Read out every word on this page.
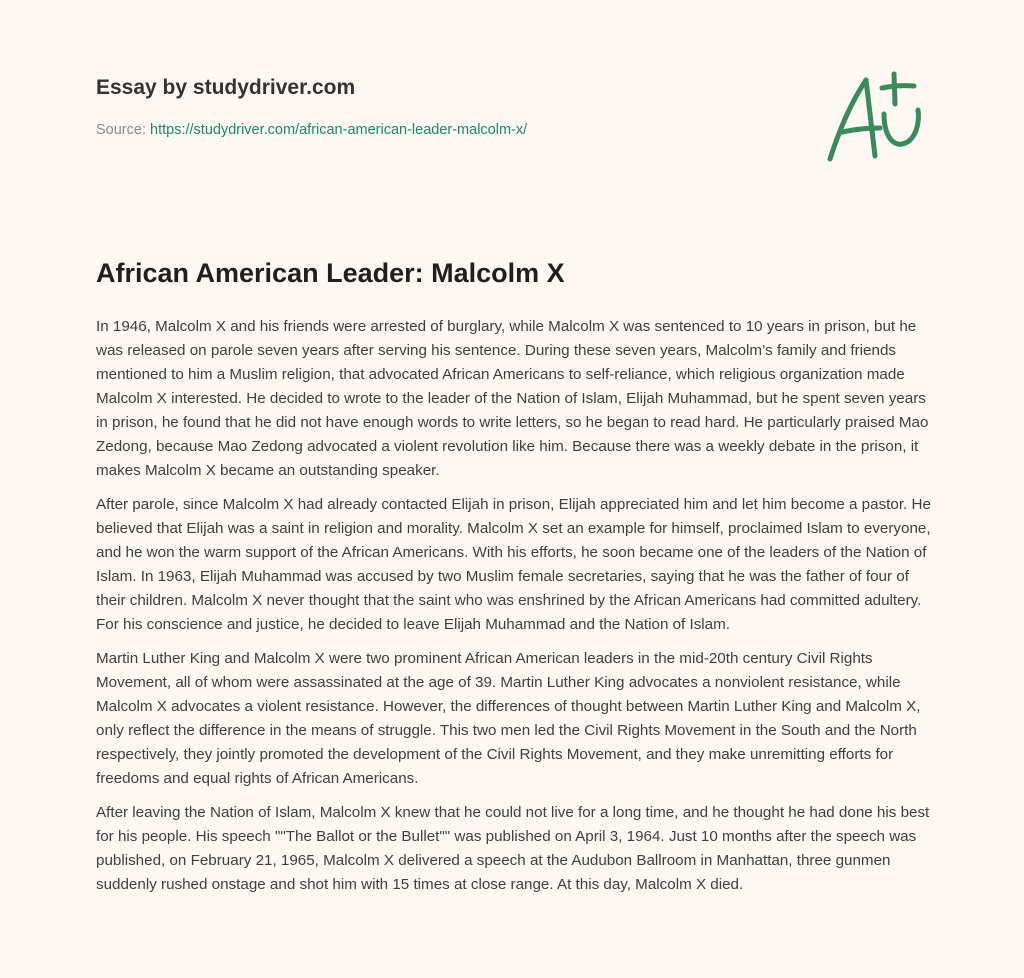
Essay by studydriver.com
Source: https://studydriver.com/african-american-leader-malcolm-x/
African American Leader: Malcolm X

In 1946, Malcolm X and his friends were arrested of burglary, while Malcolm X was sentenced to 10 years in prison, but he was released on parole seven years after serving his sentence. During these seven years, Malcolm’s family and friends mentioned to him a Muslim religion, that advocated African Americans to self-reliance, which religious organization made Malcolm X interested. He decided to wrote to the leader of the Nation of Islam, Elijah Muhammad, but he spent seven years in prison, he found that he did not have enough words to write letters, so he began to read hard. He particularly praised Mao Zedong, because Mao Zedong advocated a violent revolution like him. Because there was a weekly debate in the prison, it makes Malcolm X became an outstanding speaker.

After parole, since Malcolm X had already contacted Elijah in prison, Elijah appreciated him and let him become a pastor. He believed that Elijah was a saint in religion and morality. Malcolm X set an example for himself, proclaimed Islam to everyone, and he won the warm support of the African Americans. With his efforts, he soon became one of the leaders of the Nation of Islam. In 1963, Elijah Muhammad was accused by two Muslim female secretaries, saying that he was the father of four of their children. Malcolm X never thought that the saint who was enshrined by the African Americans had committed adultery. For his conscience and justice, he decided to leave Elijah Muhammad and the Nation of Islam.

Martin Luther King and Malcolm X were two prominent African American leaders in the mid-20th century Civil Rights Movement, all of whom were assassinated at the age of 39. Martin Luther King advocates a nonviolent resistance, while Malcolm X advocates a violent resistance. However, the differences of thought between Martin Luther King and Malcolm X, only reflect the difference in the means of struggle. This two men led the Civil Rights Movement in the South and the North respectively, they jointly promoted the development of the Civil Rights Movement, and they make unremitting efforts for freedoms and equal rights of African Americans.

After leaving the Nation of Islam, Malcolm X knew that he could not live for a long time, and he thought he had done his best for his people. His speech ""The Ballot or the Bullet"" was published on April 3, 1964. Just 10 months after the speech was published, on February 21, 1965, Malcolm X delivered a speech at the Audubon Ballroom in Manhattan, three gunmen suddenly rushed onstage and shot him with 15 times at close range. At this day, Malcolm X died.
